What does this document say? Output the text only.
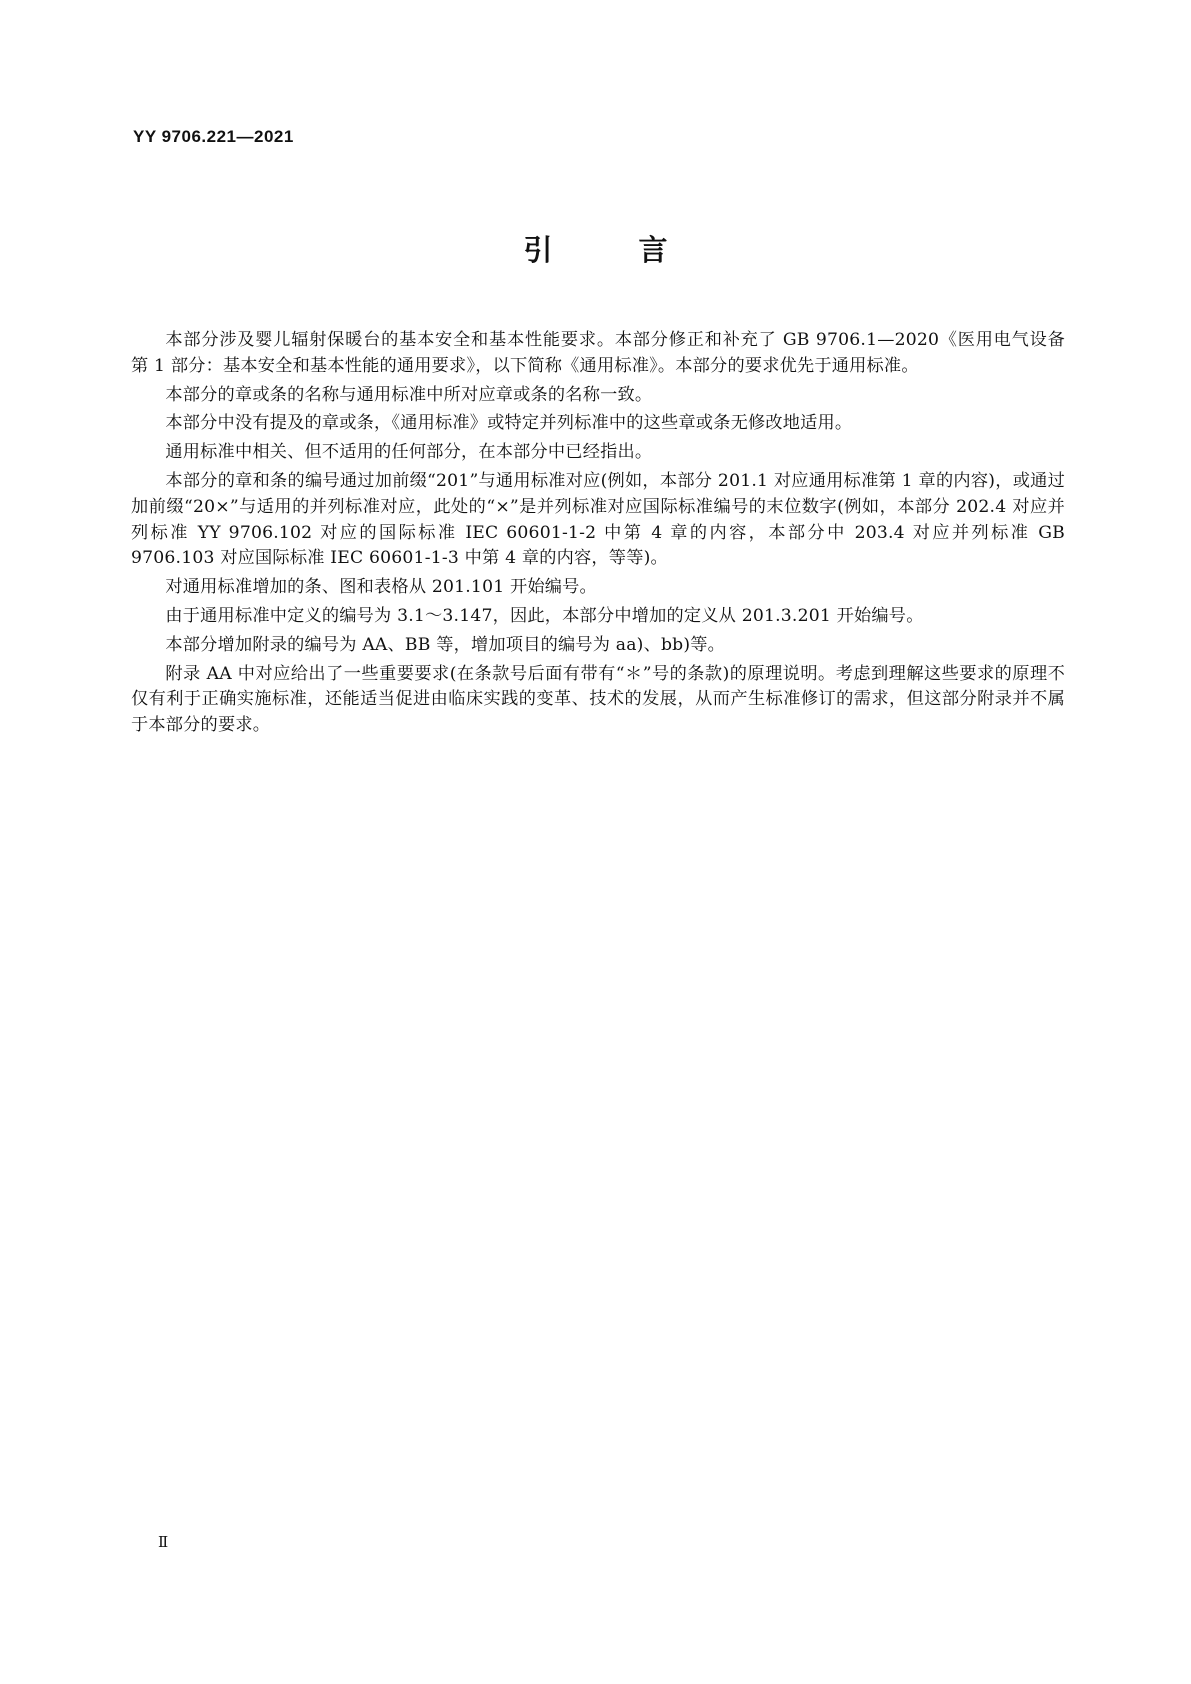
YY 9706.221—2021
引 言

本部分涉及婴儿辐射保暖台的基本安全和基本性能要求。本部分修正和补充了 GB 9706.1—2020《医用电气设备　第 1 部分：基本安全和基本性能的通用要求》，以下简称《通用标准》。本部分的要求优先于通用标准。

本部分的章或条的名称与通用标准中所对应章或条的名称一致。

本部分中没有提及的章或条，《通用标准》或特定并列标准中的这些章或条无修改地适用。

通用标准中相关、但不适用的任何部分，在本部分中已经指出。

本部分的章和条的编号通过加前缀“201”与通用标准对应(例如，本部分 201.1 对应通用标准第 1 章的内容)，或通过加前缀“20×”与适用的并列标准对应，此处的“×”是并列标准对应国际标准编号的末位数字(例如，本部分 202.4 对应并列标准 YY 9706.102 对应的国际标准 IEC 60601-1-2 中第 4 章的内容，本部分中 203.4 对应并列标准 GB 9706.103 对应国际标准 IEC 60601-1-3 中第 4 章的内容，等等)。

对通用标准增加的条、图和表格从 201.101 开始编号。

由于通用标准中定义的编号为 3.1～3.147，因此，本部分中增加的定义从 201.3.201 开始编号。

本部分增加附录的编号为 AA、BB 等，增加项目的编号为 aa)、bb)等。

附录 AA 中对应给出了一些重要要求(在条款号后面有带有“＊”号的条款)的原理说明。考虑到理解这些要求的原理不仅有利于正确实施标准，还能适当促进由临床实践的变革、技术的发展，从而产生标准修订的需求，但这部分附录并不属于本部分的要求。

Ⅱ
